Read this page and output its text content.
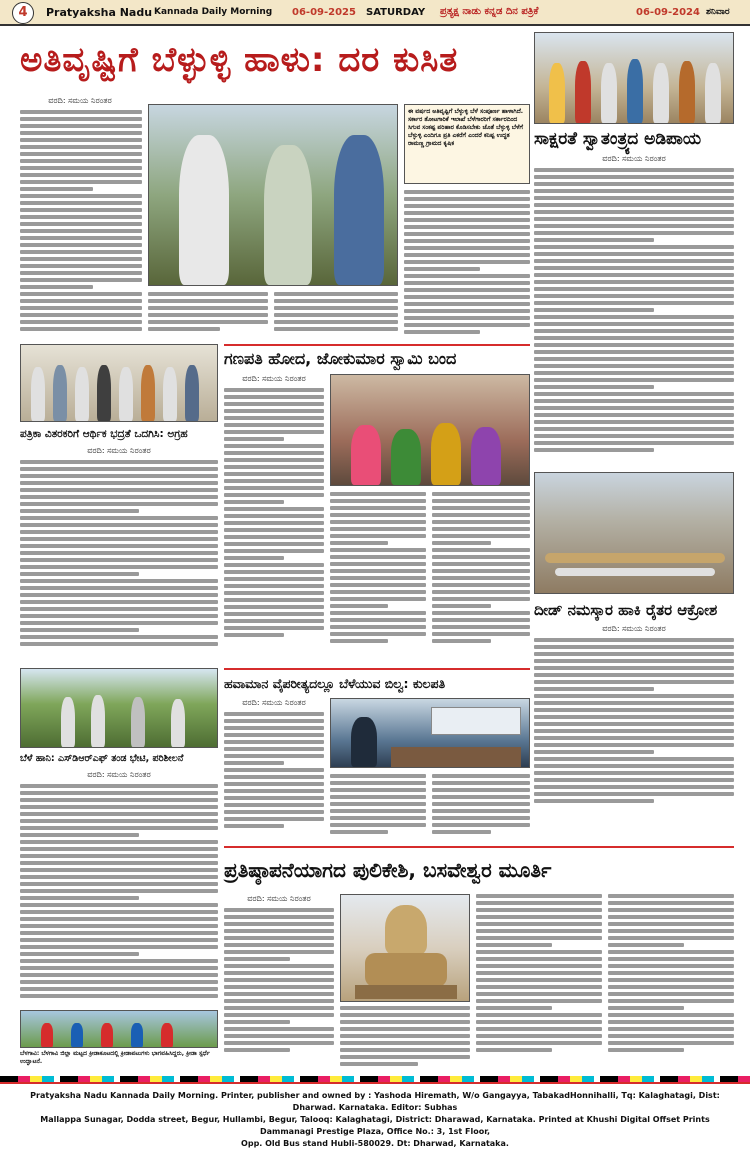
4	Pratyaksha Nadu Kannada Daily Morning 06-09-2025 SATURDAY ಪ್ರತ್ಯಕ್ಷ ನಾಡು ಕನ್ನಡ ದಿನ ಪತ್ರಿಕೆ	06-09-2024 ಶನಿವಾರ
ಅತಿವೃಷ್ಟಿಗೆ ಬೆಳ್ಳುಳ್ಳಿ ಹಾಳು: ದರ ಕುಸಿತ
ವರದಿ: ಸಮಯ ನಿರಂತರ
ಈ ವರ್ಷದ ಅತಿವೃಷ್ಟಿಗೆ ಬೆಳ್ಳುಳ್ಳಿ ಬೆಳೆ ಸಂಪೂರ್ಣ ಹಾಳಾಗಿದೆ. ಸರ್ಕಾರ ತೋಟಗಾರಿಕೆ ಇಲಾಖೆ ಬೆಳೆಗಾರರಿಗೆ ಸರ್ಕಾರದಿಂದ ಸಿಗುವ ಸಂಕಷ್ಟ ಪರಿಹಾರ ಕೊಡಿಸಬೇಕು ಜೊತೆ ಬೆಳ್ಳುಳ್ಳಿ ಬೆಳೆಗೆ ಬೆಳ್ಳುಳ್ಳಿ ಎಂದಿಗೂ ಪ್ರತಿ ಎಕರೆಗೆ ಎಂದರೆ ಕನಿಷ್ಟ ಉದ್ಧತ ರಾಮಣ್ಣ ಗ್ರಾಮದ ಕೃಷಿಕ	ಸಾಕ್ಷರತೆ ಸ್ವಾತಂತ್ರ್ಯದ ಅಡಿಪಾಯ
ವರದಿ: ಸಮಯ ನಿರಂತರ
ದೀಡ್ ನಮಸ್ಕಾರ ಹಾಕಿ ರೈತರ ಆಕ್ರೋಶ
ವರದಿ: ಸಮಯ ನಿರಂತರ
ಪತ್ರಿಕಾ ವಿತರಕರಿಗೆ ಆರ್ಥಿಕ ಭದ್ರತೆ ಒದಗಿಸಿ: ಅಗ್ರಹ
ವರದಿ: ಸಮಯ ನಿರಂತರ
ಗಣಪತಿ ಹೋದ, ಜೋಕುಮಾರ ಸ್ವಾಮಿ ಬಂದ
ವರದಿ: ಸಮಯ ನಿರಂತರ
ಬೆಳೆ ಹಾನಿ: ಎಸ್‌ಡಿಆರ್‌ಎಫ್ ತಂಡ ಭೇಟಿ, ಪರಿಶೀಲನೆ
ವರದಿ: ಸಮಯ ನಿರಂತರ
ಬೆಳಗಾವಿ: ಬೆಳಗಾವಿ ಜಿಲ್ಲಾ ಮಟ್ಟದ ಕ್ರೀಡಾಕೂಟದಲ್ಲಿ ಕ್ರೀಡಾಪಟುಗಳು ಭಾಗವಹಿಸಿದ್ದರು, ಕ್ರೀಡಾ ಸ್ಪರ್ಧೆ ಉದ್ಘಾಟನೆ.
ಹವಾಮಾನ ವೈಪರೀತ್ಯದಲ್ಲೂ ಬೆಳೆಯುವ ಬಿಲ್ವ: ಕುಲಪತಿ
ವರದಿ: ಸಮಯ ನಿರಂತರ
ಪ್ರತಿಷ್ಠಾಪನೆಯಾಗದ ಪುಲಿಕೇಶಿ, ಬಸವೇಶ್ವರ ಮೂರ್ತಿ
ವರದಿ: ಸಮಯ ನಿರಂತರ
Pratyaksha Nadu Kannada Daily Morning. Printer, publisher and owned by : Yashoda Hiremath, W/o Gangayya, TabakadHonnihalli, Tq: Kalaghatagi, Dist: Dharwad. Karnataka. Editor: Subhas
Mallappa Sunagar, Dodda street, Begur, Hullambi, Begur, Talooq: Kalaghatagi, District: Dharawad, Karnataka. Printed at Khushi Digital Offset Prints Dammanagi Prestige Plaza, Office No.: 3, 1st Floor,
Opp. Old Bus stand Hubli-580029. Dt: Dharwad, Karnataka.
